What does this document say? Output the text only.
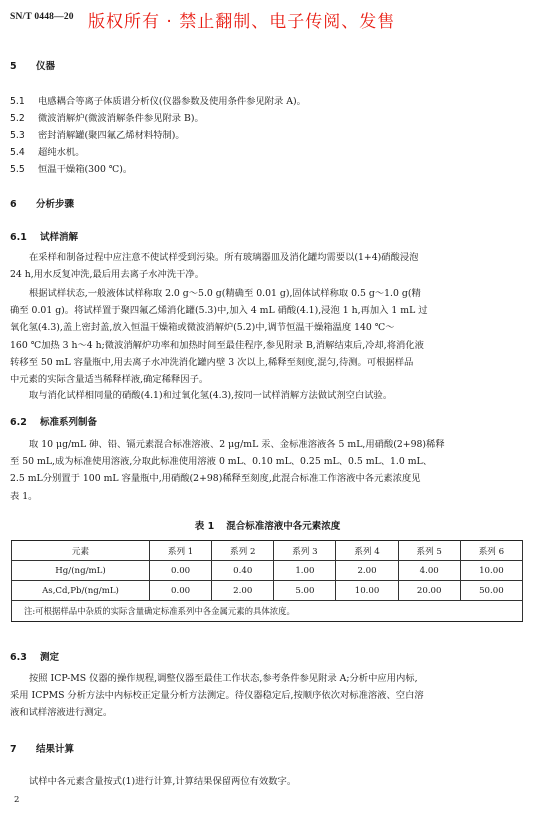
SN/T 0448—20 版权所有 · 禁止翻制、电子传阅、发售
5 仪器
5.1 电感耦合等离子体质谱分析仪(仪器参数及使用条件参见附录 A)。
5.2 微波消解炉(微波消解条件参见附录 B)。
5.3 密封消解罐(聚四氟乙烯材料特制)。
5.4 超纯水机。
5.5 恒温干燥箱(300 ℃)。
6 分析步骤
6.1 试样消解
在采样和制备过程中应注意不使试样受到污染。所有玻璃器皿及消化罐均需要以(1+4)硝酸浸泡
24 h,用水反复冲洗,最后用去离子水冲洗干净。
根据试样状态,一般液体试样称取 2.0 g～5.0 g(精确至 0.01 g),固体试样称取 0.5 g～1.0 g(精
确至 0.01 g)。将试样置于聚四氟乙烯消化罐(5.3)中,加入 4 mL 硝酸(4.1),浸泡 1 h,再加入 1 mL 过
氧化氢(4.3),盖上密封盖,放入恒温干燥箱或微波消解炉(5.2)中,调节恒温干燥箱温度 140 ℃～
160 ℃加热 3 h～4 h;微波消解炉功率和加热时间至最佳程序,参见附录 B,消解结束后,冷却,将消化液
转移至 50 mL 容量瓶中,用去离子水冲洗消化罐内壁 3 次以上,稀释至刻度,混匀,待测。可根据样品
中元素的实际含量适当稀释样液,确定稀释因子。
取与消化试样相同量的硝酸(4.1)和过氧化氢(4.3),按同一试样消解方法做试剂空白试验。
6.2 标准系列制备
取 10 μg/mL 砷、铅、镉元素混合标准溶液、2 μg/mL 汞、金标准溶液各 5 mL,用硝酸(2+98)稀释
至 50 mL,成为标准使用溶液,分取此标准使用溶液 0 mL、0.10 mL、0.25 mL、0.5 mL、1.0 mL、
2.5 mL分别置于 100 mL 容量瓶中,用硝酸(2+98)稀释至刻度,此混合标准工作溶液中各元素浓度见
表 1。
表 1 混合标准溶液中各元素浓度
元素	系列 1	系列 2	系列 3	系列 4	系列 5	系列 6
Hg/(ng/mL)	0.00	0.40	1.00	2.00	4.00	10.00
As,Cd,Pb/(ng/mL)	0.00	2.00	5.00	10.00	20.00	50.00
注:可根据样品中杂质的实际含量确定标准系列中各金属元素的具体浓度。						
6.3 测定
按照 ICP-MS 仪器的操作规程,调整仪器至最佳工作状态,参考条件参见附录 A;分析中应用内标,
采用 ICPMS 分析方法中内标校正定量分析方法测定。待仪器稳定后,按顺序依次对标准溶液、空白溶
液和试样溶液进行测定。
7 结果计算
试样中各元素含量按式(1)进行计算,计算结果保留两位有效数字。
2
